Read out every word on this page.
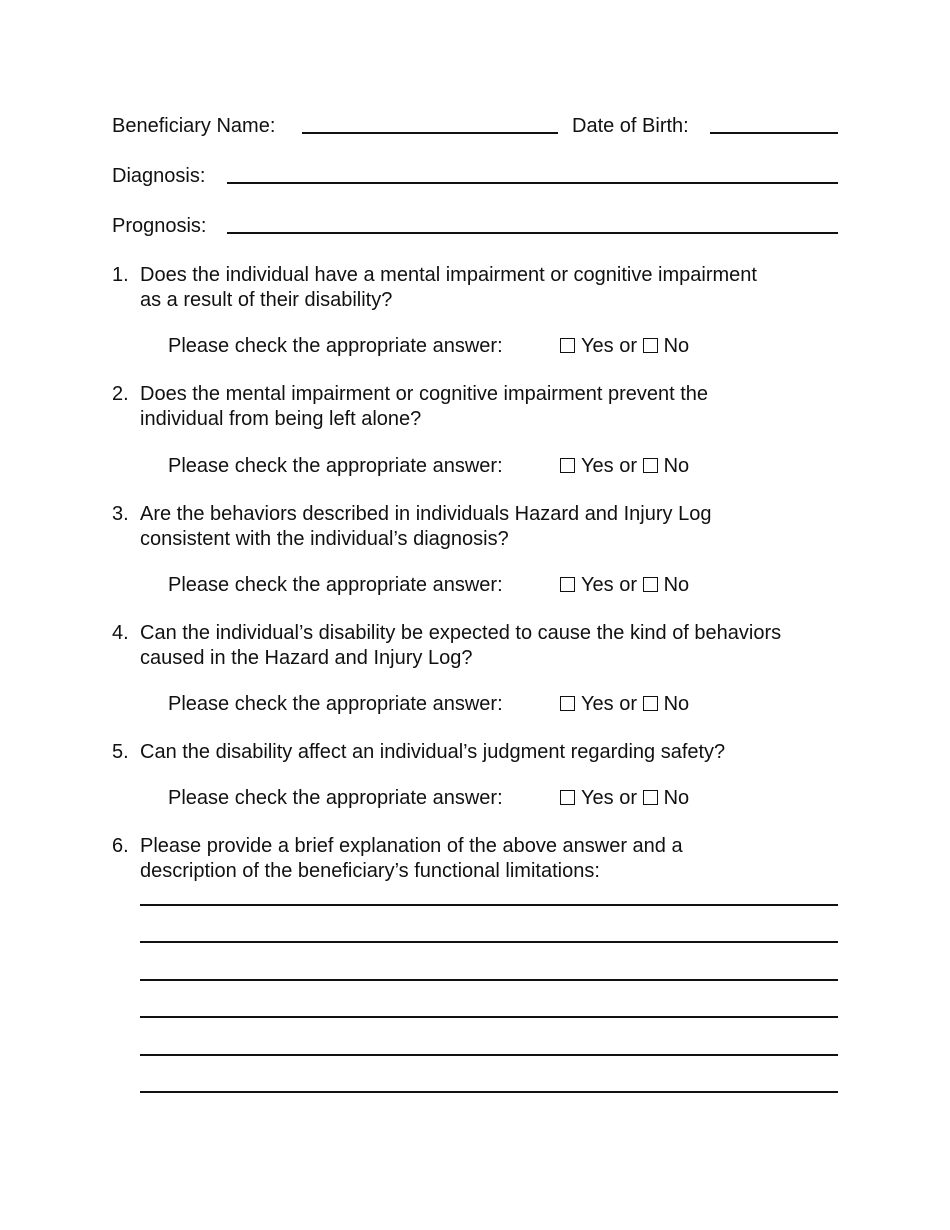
Beneficiary Name:	Date of Birth:
Diagnosis:
Prognosis:
1. Does the individual have a mental impairment or cognitive impairment
as a result of their disability?
Please check the appropriate answer:	Yes or No
2. Does the mental impairment or cognitive impairment prevent the
individual from being left alone?
Please check the appropriate answer:	Yes or No
3. Are the behaviors described in individuals Hazard and Injury Log
consistent with the individual’s diagnosis?
Please check the appropriate answer:	Yes or No
4. Can the individual’s disability be expected to cause the kind of behaviors
caused in the Hazard and Injury Log?
Please check the appropriate answer:	Yes or No
5. Can the disability affect an individual’s judgment regarding safety?
Please check the appropriate answer:	Yes or No
6. Please provide a brief explanation of the above answer and a
description of the beneficiary’s functional limitations:
